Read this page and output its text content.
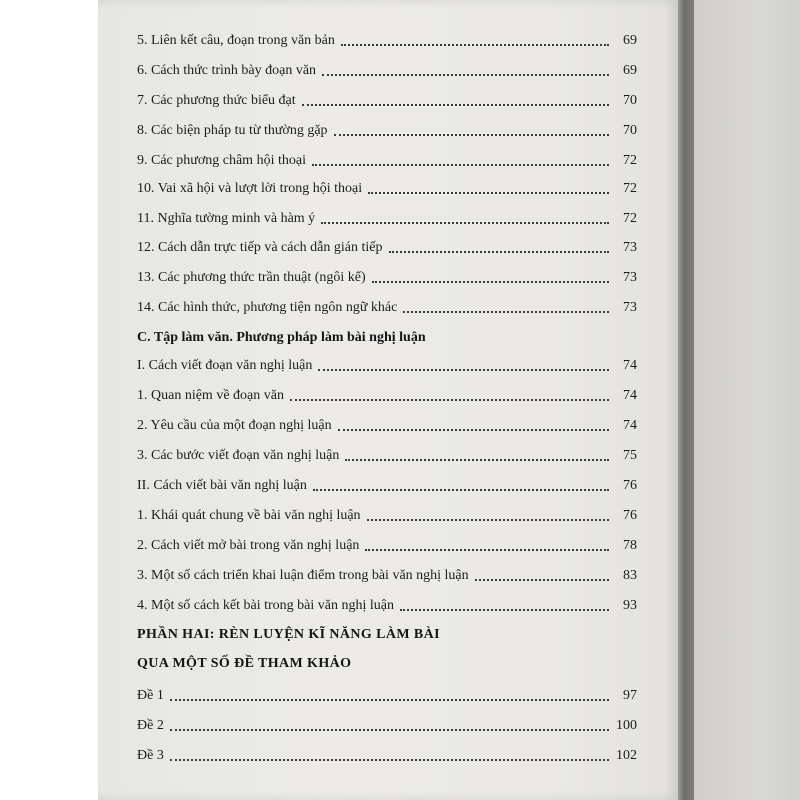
5. Liên kết câu, đoạn trong văn bản	69
6. Cách thức trình bày đoạn văn	69
7. Các phương thức biểu đạt	70
8. Các biện pháp tu từ thường gặp	70
9. Các phương châm hội thoại	72
10. Vai xã hội và lượt lời trong hội thoại	72
11. Nghĩa tường minh và hàm ý	72
12. Cách dẫn trực tiếp và cách dẫn gián tiếp	73
13. Các phương thức trần thuật (ngôi kể)	73
14. Các hình thức, phương tiện ngôn ngữ khác	73
C. Tập làm văn. Phương pháp làm bài nghị luận
I. Cách viết đoạn văn nghị luận	74
1. Quan niệm về đoạn văn	74
2. Yêu cầu của một đoạn nghị luận	74
3. Các bước viết đoạn văn nghị luận	75
II. Cách viết bài văn nghị luận	76
1. Khái quát chung về bài văn nghị luận	76
2. Cách viết mở bài trong văn nghị luận	78
3. Một số cách triển khai luận điểm trong bài văn nghị luận	83
4. Một số cách kết bài trong bài văn nghị luận	93
PHẦN HAI: RÈN LUYỆN KĨ NĂNG LÀM BÀI
QUA MỘT SỐ ĐỀ THAM KHẢO
Đề 1	97
Đề 2	100
Đề 3	102
